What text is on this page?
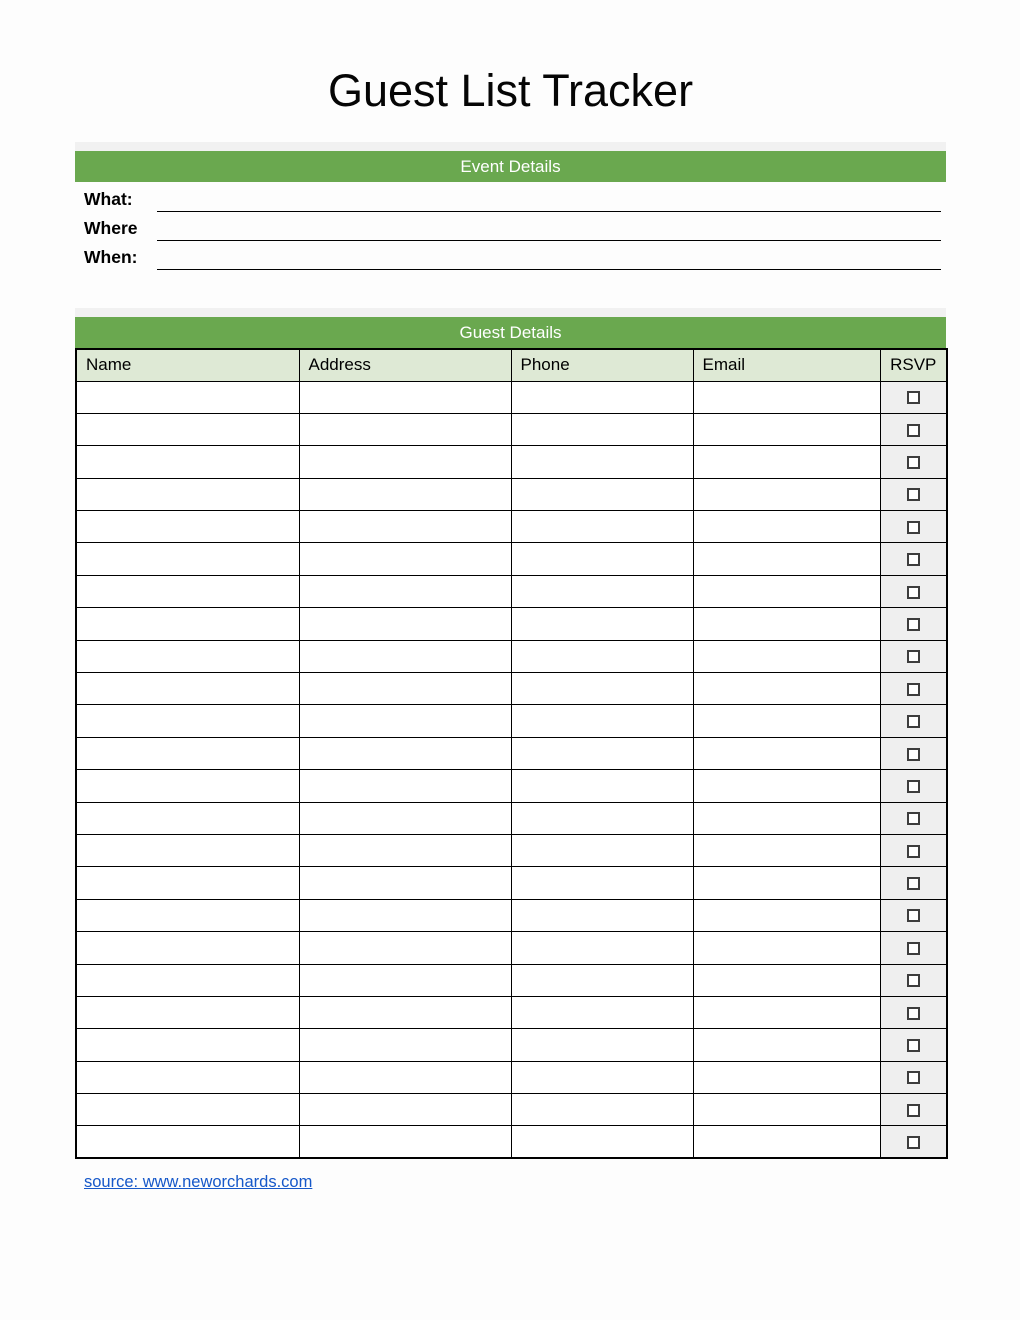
Guest List Tracker
Event Details
What:
Where
When:
Guest Details
Name	Address	Phone	Email	RSVP

source: www.neworchards.com
